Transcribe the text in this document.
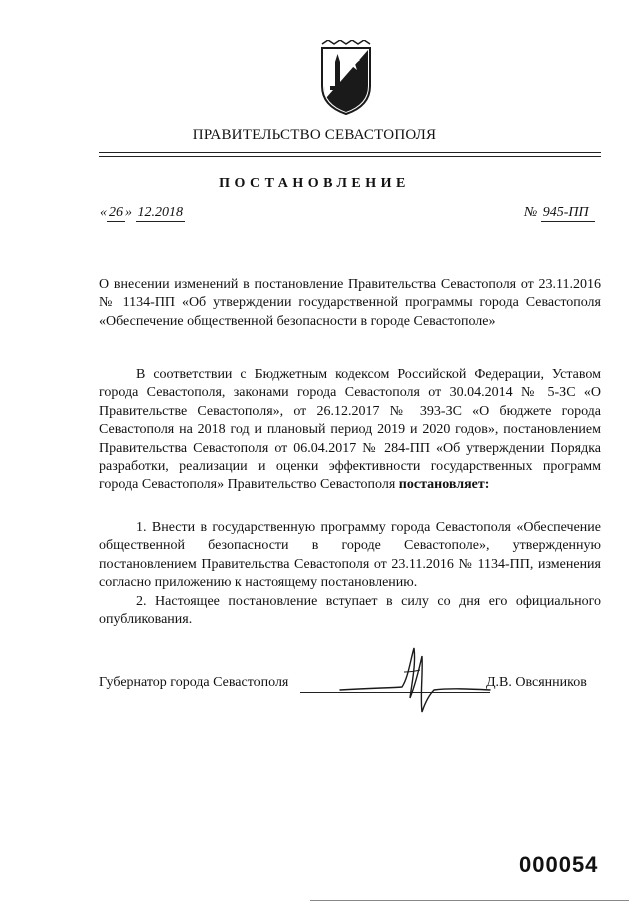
ПРАВИТЕЛЬСТВО СЕВАСТОПОЛЯ
ПОСТАНОВЛЕНИЕ
« 26 » 12.2018	№ 945-ПП
О внесении изменений в постановление Правительства Севастополя от 23.11.2016 № 1134-ПП «Об утверждении государственной программы города Севастополя «Обеспечение общественной безопасности в городе Севастополе»
В соответствии с Бюджетным кодексом Российской Федерации, Уставом города Севастополя, законами города Севастополя от 30.04.2014 № 5-ЗС «О Правительстве Севастополя», от 26.12.2017 № 393-ЗС «О бюджете города Севастополя на 2018 год и плановый период 2019 и 2020 годов», постановлением Правительства Севастополя от 06.04.2017 № 284-ПП «Об утверждении Порядка разработки, реализации и оценки эффективности государственных программ города Севастополя» Правительство Севастополя постановляет:
1. Внести в государственную программу города Севастополя «Обеспечение общественной безопасности в городе Севастополе», утвержденную постановлением Правительства Севастополя от 23.11.2016 № 1134-ПП, изменения согласно приложению к настоящему постановлению.
2. Настоящее постановление вступает в силу со дня его официального опубликования.
Губернатор города Севастополя	Д.В. Овсянников
000054
